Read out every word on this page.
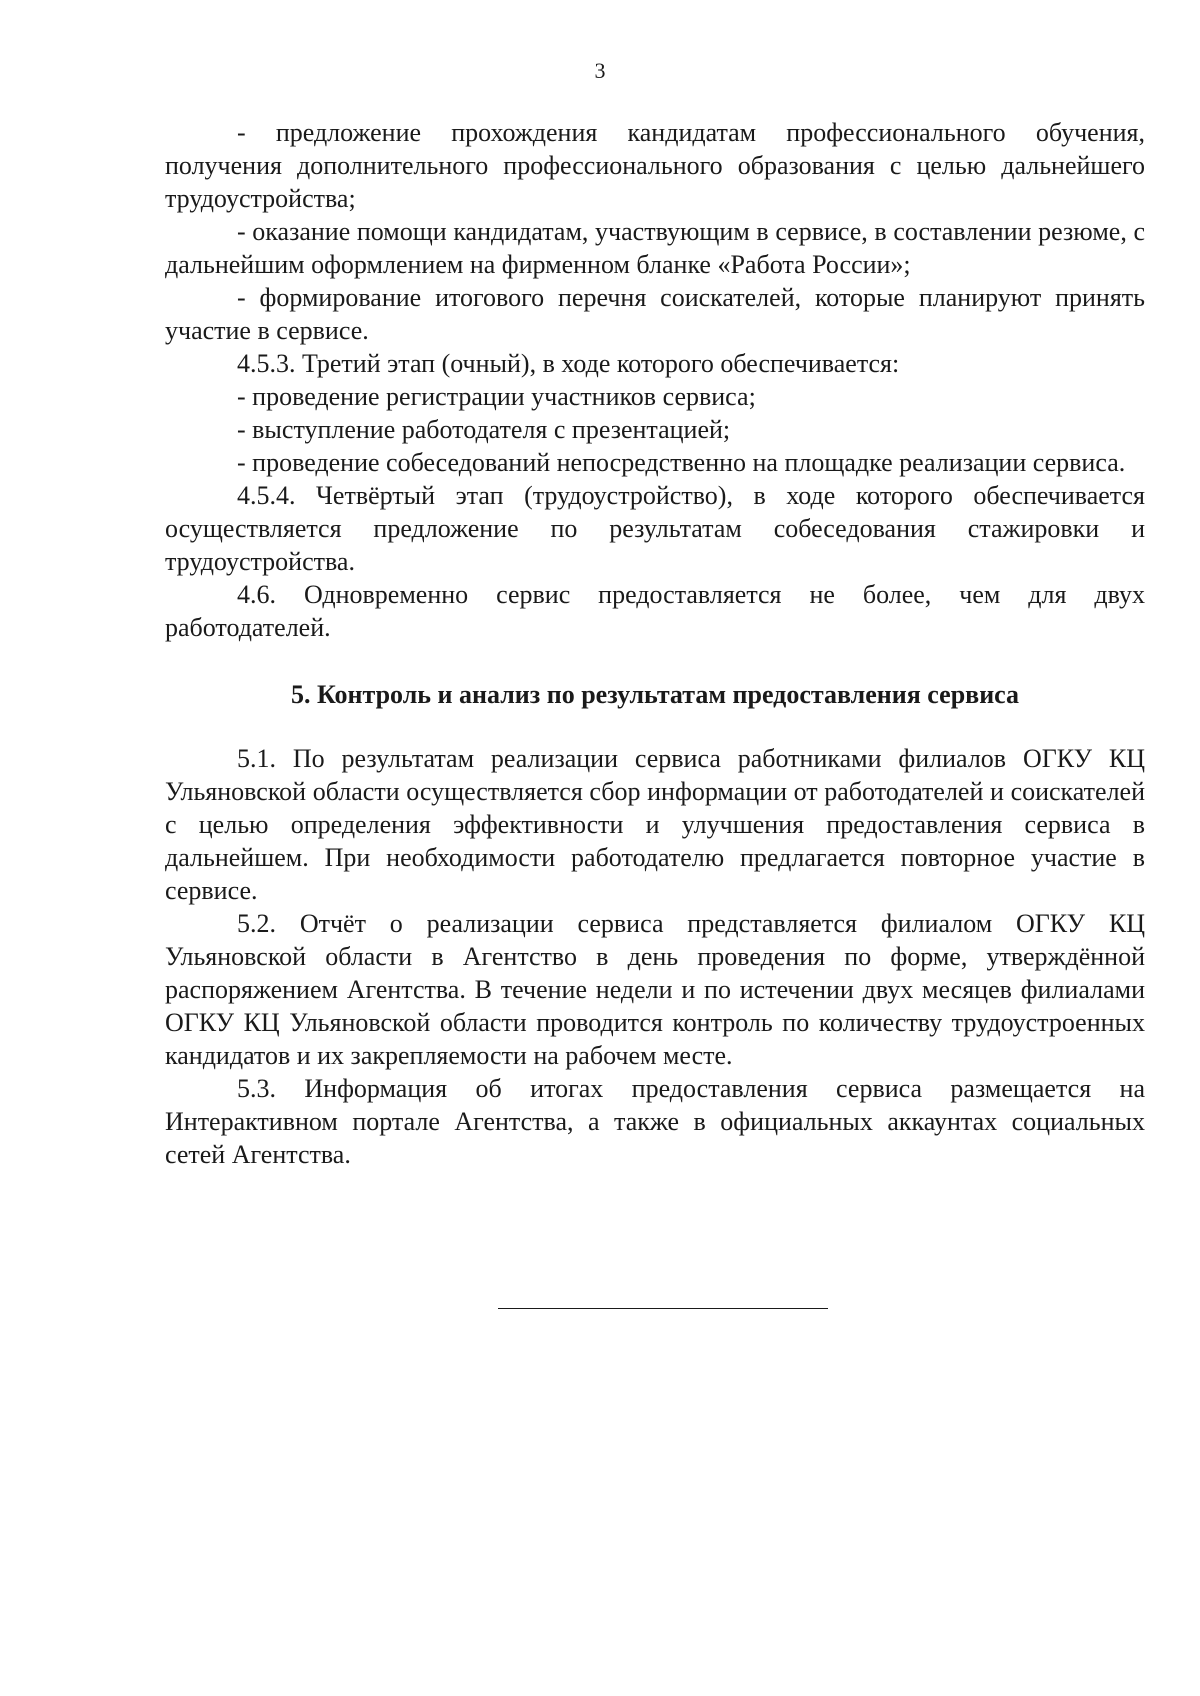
3

- предложение прохождения кандидатам профессионального обучения, получения дополнительного профессионального образования с целью дальнейшего трудоустройства;

- оказание помощи кандидатам, участвующим в сервисе, в составлении резюме, с дальнейшим оформлением на фирменном бланке «Работа России»;

- формирование итогового перечня соискателей, которые планируют принять участие в сервисе.

4.5.3. Третий этап (очный), в ходе которого обеспечивается:

- проведение регистрации участников сервиса;

- выступление работодателя с презентацией;

- проведение собеседований непосредственно на площадке реализации сервиса.

4.5.4. Четвёртый этап (трудоустройство), в ходе которого обеспечивается осуществляется предложение по результатам собеседования стажировки и трудоустройства.

4.6. Одновременно сервис предоставляется не более, чем для двух работодателей.

5. Контроль и анализ по результатам предоставления сервиса

5.1. По результатам реализации сервиса работниками филиалов ОГКУ КЦ Ульяновской области осуществляется сбор информации от работодателей и соискателей с целью определения эффективности и улучшения предоставления сервиса в дальнейшем. При необходимости работодателю предлагается повторное участие в сервисе.

5.2. Отчёт о реализации сервиса представляется филиалом ОГКУ КЦ Ульяновской области в Агентство в день проведения по форме, утверждённой распоряжением Агентства. В течение недели и по истечении двух месяцев филиалами ОГКУ КЦ Ульяновской области проводится контроль по количеству трудоустроенных кандидатов и их закрепляемости на рабочем месте.

5.3. Информация об итогах предоставления сервиса размещается на Интерактивном портале Агентства, а также в официальных аккаунтах социальных сетей Агентства.
